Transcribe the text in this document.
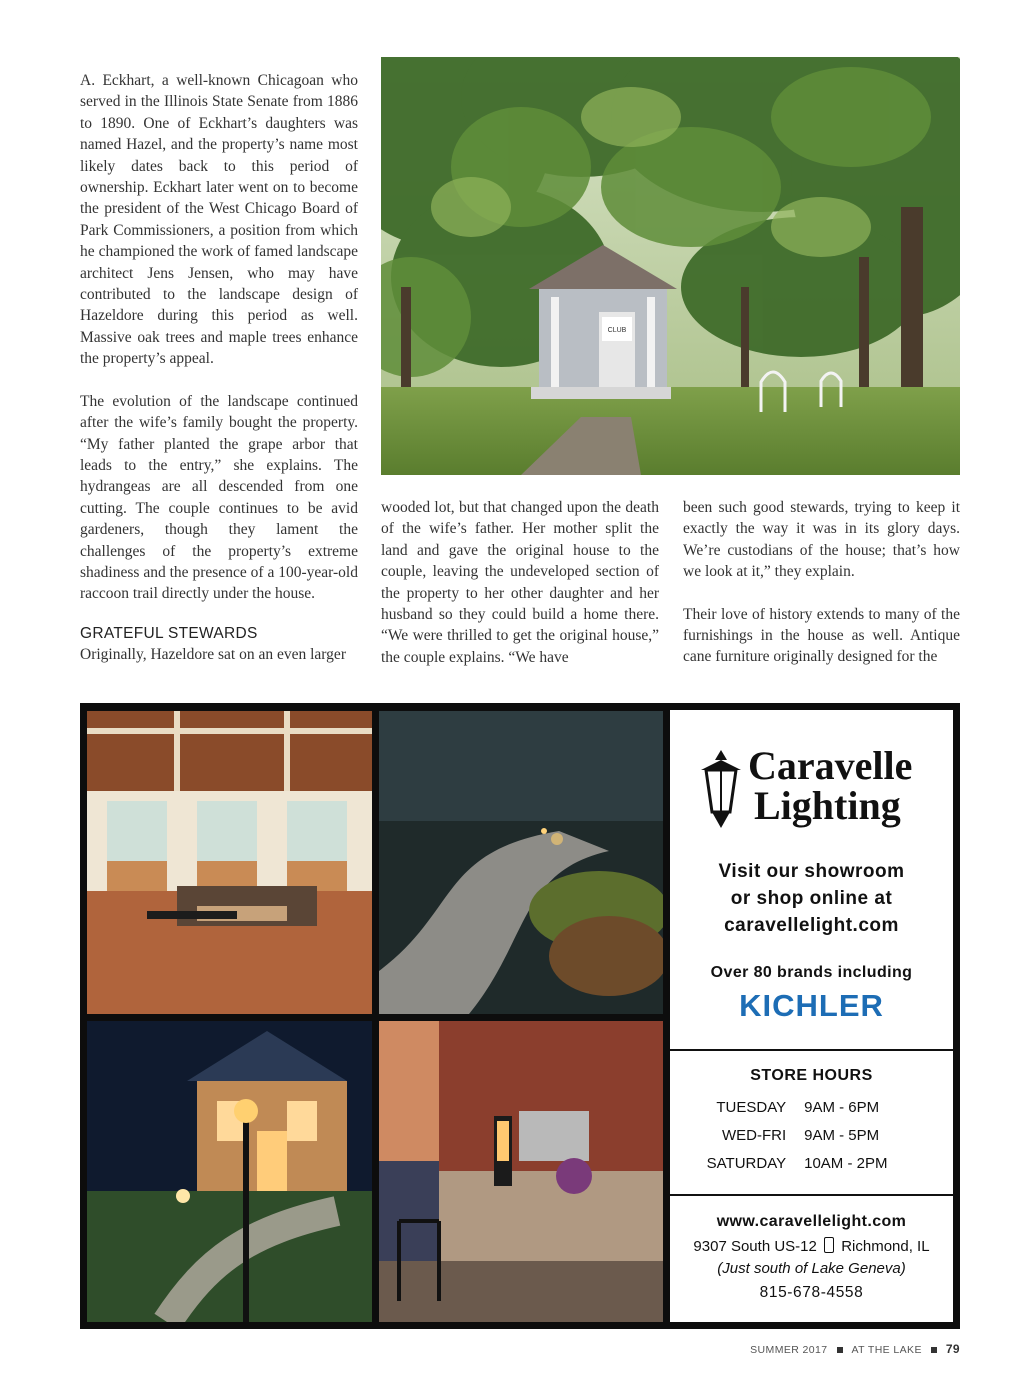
A. Eckhart, a well-known Chicagoan who served in the Illinois State Senate from 1886 to 1890. One of Eckhart’s daughters was named Hazel, and the property’s name most likely dates back to this period of ownership. Eckhart later went on to become the president of the West Chicago Board of Park Commissioners, a position from which he championed the work of famed landscape architect Jens Jensen, who may have contributed to the landscape design of Hazeldore during this period as well. Massive oak trees and maple trees enhance the property’s appeal.

The evolution of the landscape continued after the wife’s family bought the property. “My father planted the grape arbor that leads to the entry,” she explains. The hydrangeas are all descended from one cutting. The couple continues to be avid gardeners, though they lament the challenges of the property’s extreme shadiness and the presence of a 100-year-old raccoon trail directly under the house.

GRATEFUL STEWARDS

Originally, Hazeldore sat on an even larger

CLUB

wooded lot, but that changed upon the death of the wife’s father. Her mother split the land and gave the original house to the couple, leaving the undeveloped section of the property to her other daughter and her husband so they could build a home there. “We were thrilled to get the original house,” the couple explains. “We have

been such good stewards, trying to keep it exactly the way it was in its glory days. We’re custodians of the house; that’s how we look at it,” they explain.

Their love of history extends to many of the furnishings in the house as well. Antique cane furniture originally designed for the

Caravelle
Lighting
Visit our showroom
or shop online at
caravellelight.com
Over 80 brands including
KICHLER
STORE HOURS
TUESDAY	9AM - 6PM
WED-FRI	9AM - 5PM
SATURDAY	10AM - 2PM
www.caravellelight.com
9307 South US-12 Richmond, IL
(Just south of Lake Geneva)
815-678-4558
SUMMER 2017 AT THE LAKE 79
